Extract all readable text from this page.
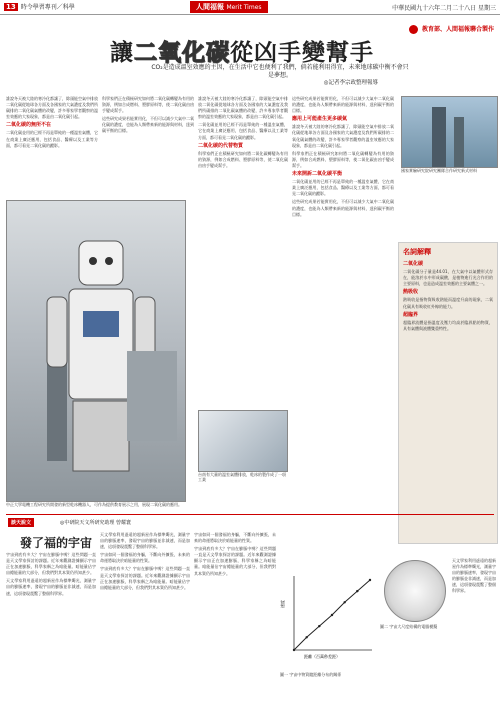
13 時令學習專刊／科學	人間福報 Merit Times	中華民國九十六年二月二十八日 星期三
教育部、人間福報聯合製作
讓二氧化碳從凶手變幫手
CO₂是造成溫室效應的主因，在生活中它也便利了我們，倘若能利用得宜，未來地球碳中衡不會只是夢想。
◎記者李宗政整理報導

誰說冬天被大陸的寒冷化都讓了，除頭能空氣中排放二氧化碳從地球各方面及各國家的大氣濃度及我們所碳排的二氧化碳氣體的改變，許多專家學者觀察的溫室效應的大家現象，都是由二氧化碳引起。

二氧化碳的無所不在

二氧化碳並用的已經不再是單純的一種溫室氣體，它在商業上廣泛應用，包括食品、醫療以及工業等方面，都可看見二氧化碳的蹤影。

中正大學電機工程研究所開發的新型乾冰機器人，可作為提供教育展示之用，展現二氧化碳的應用。

科學家們正在積極研究如何將二氧化碳轉變為有用的資源，例如合成燃料、塑膠原料等，使二氧化碳由凶手變成幫手。

這些研究成果若能實用化，不但可以減少大氣中二氧化碳的濃度，也能為人類帶來新的能源與材料，達到碳平衡的目標。

誰說冬天被大陸的寒冷化都讓了，除頭能空氣中排放二氧化碳從地球各方面及各國家的大氣濃度及我們所碳排的二氧化碳氣體的改變，許多專家學者觀察的溫室效應的大家現象，都是由二氧化碳引起。

二氧化碳並用的已經不再是單純的一種溫室氣體，它在商業上廣泛應用，包括食品、醫療以及工業等方面，都可看見二氧化碳的蹤影。

二氧化碳的代替物質

科學家們正在積極研究如何將二氧化碳轉變為有用的資源，例如合成燃料、塑膠原料等，使二氧化碳由凶手變成幫手。

台南有大量的溫室氣體排放，乾冰的製作成了一項工業

這些研究成果若能實用化，不但可以減少大氣中二氧化碳的濃度，也能為人類帶來新的能源與材料，達到碳平衡的目標。

應用上可能產生更多碳氣

誰說冬天被大陸的寒冷化都讓了，除頭能空氣中排放二氧化碳從地球各方面及各國家的大氣濃度及我們所碳排的二氧化碳氣體的改變，許多專家學者觀察的溫室效應的大家現象，都是由二氧化碳引起。

科學家們正在積極研究如何將二氧化碳轉變為有用的資源，例如合成燃料、塑膠原料等，使二氧化碳由凶手變成幫手。

未來開訴二氧化碳平衡

二氧化碳並用的已經不再是單純的一種溫室氣體，它在商業上廣泛應用，包括食品、醫療以及工業等方面，都可看見二氧化碳的蹤影。

這些研究成果若能實用化，不但可以減少大氣中二氧化碳的濃度，也能為人類帶來新的能源與材料，達到碳平衡的目標。

國家實驗研究院研究團隊合作研究新式材料
名詞解釋
二氧化碳

二氧化碳分子量是44.01，在大氣中以氣體形式存在，能溶於水中形成碳酸，是植物進行光合作用的主要原料，也是造成溫室效應的主要氣體之一。

熱吸收

熱吸收是指物質吸收熱能而溫度升高的現象，二氧化碳具有吸收紅外線的能力。

超臨界

超臨界流體是指溫度及壓力均高於臨界點的物質，具有氣體與液體雙重特性。

談天說文	◎中研院天文所研究助理 曾耀寰
發了福的宇宙

宇宙到底有多大？宇宙在膨脹中嗎？這些問題一直是天文學家探討的課題。近年來觀測證據顯示宇宙正在加速膨脹，科學家稱之為暗能量。暗能量佔宇宙總能量的大部分，但我們對其本質仍所知甚少。

天文學家利用遙遠的超新星作為標準燭光，測量宇宙的膨脹速率，發現宇宙的膨脹並非減速，而是加速，這項發現震驚了整個科學界。

天文學家利用遙遠的超新星作為標準燭光，測量宇宙的膨脹速率，發現宇宙的膨脹並非減速，而是加速，這項發現震驚了整個科學界。

宇宙如同一個發福的身軀，不斷向外擴張，未來的命運將取決於暗能量的性質。

宇宙到底有多大？宇宙在膨脹中嗎？這些問題一直是天文學家探討的課題。近年來觀測證據顯示宇宙正在加速膨脹，科學家稱之為暗能量。暗能量佔宇宙總能量的大部分，但我們對其本質仍所知甚少。

宇宙如同一個發福的身軀，不斷向外擴張，未來的命運將取決於暗能量的性質。

宇宙到底有多大？宇宙在膨脹中嗎？這些問題一直是天文學家探討的課題。近年來觀測證據顯示宇宙正在加速膨脹，科學家稱之為暗能量。暗能量佔宇宙總能量的大部分，但我們對其本質仍所知甚少。

速度
距離（百萬秒差距）
圖一 宇宙中物質隨距離分布的關係
圖二 宇宙大尺度結構的電腦模擬

天文學家利用遙遠的超新星作為標準燭光，測量宇宙的膨脹速率，發現宇宙的膨脹並非減速，而是加速，這項發現震驚了整個科學界。
